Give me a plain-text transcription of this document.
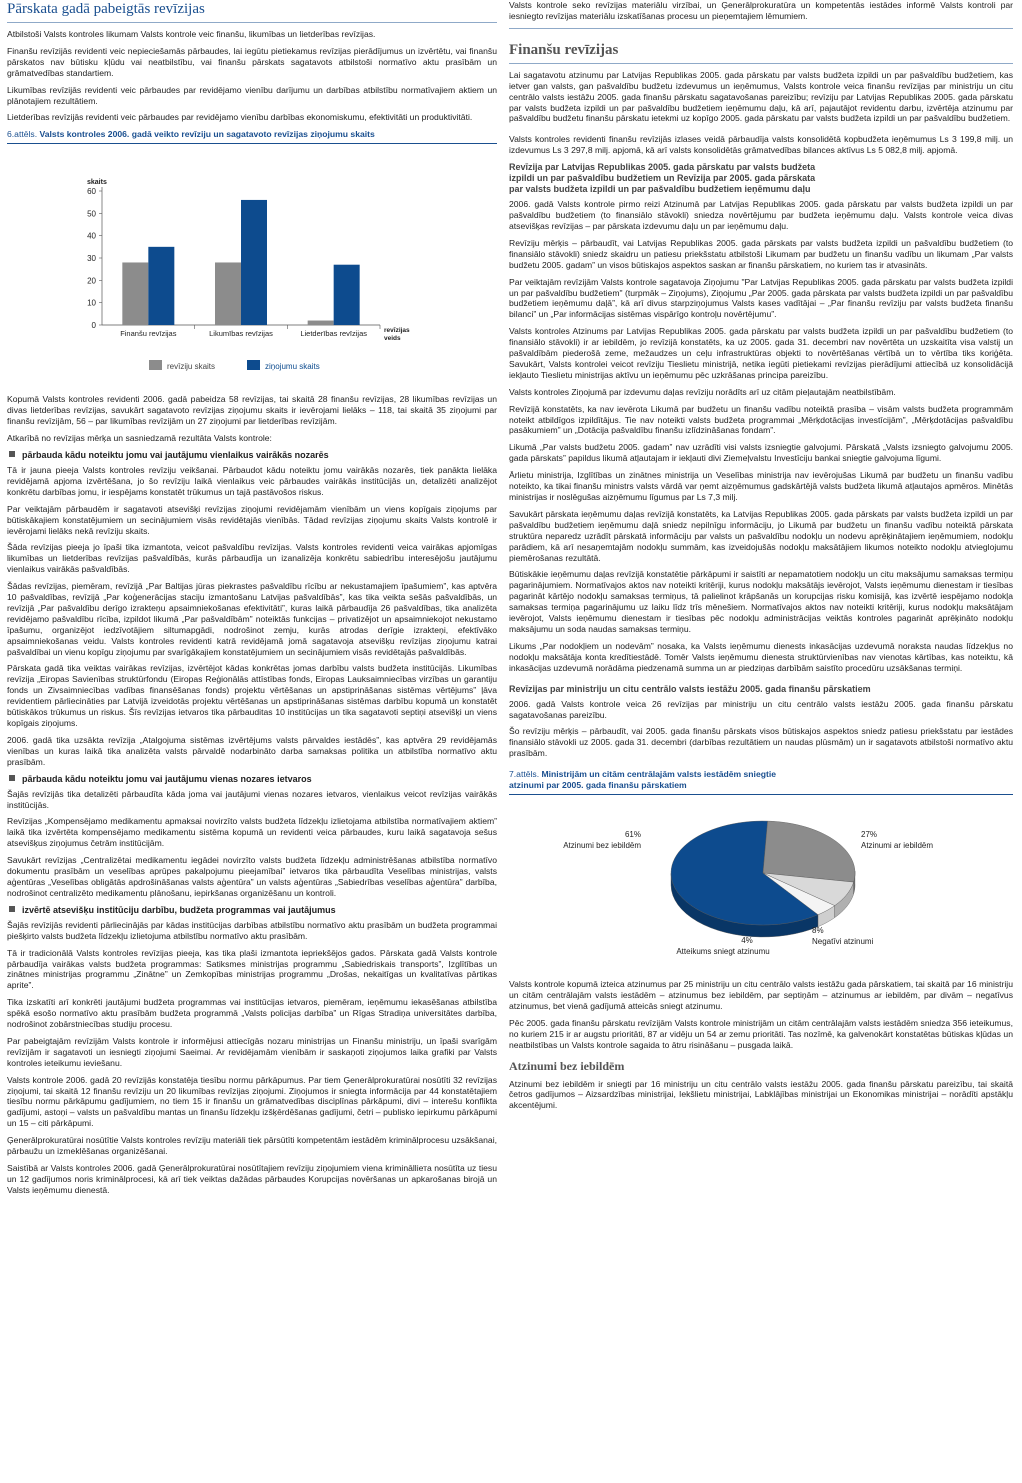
Pārskata gadā pabeigtās revīzijas

Atbilstoši Valsts kontroles likumam Valsts kontrole veic finanšu, likumības un lietderības revīzijas.

Finanšu revīzijās revidenti veic nepieciešamās pārbaudes, lai iegūtu pietiekamus revīzijas pierādījumus un izvērtētu, vai finanšu pārskatos nav būtisku kļūdu vai neatbilstību, vai finanšu pārskats sagatavots atbilstoši normatīvo aktu prasībām un grāmatvedības standartiem.

Likumības revīzijās revidenti veic pārbaudes par revidējamo vienību darījumu un darbības atbilstību normatīvajiem aktiem un plānotajiem rezultātiem.

Lietderības revīzijās revidenti veic pārbaudes par revidējamo vienību darbības ekonomiskumu, efektivitāti un produktivitāti.

6.attēls. Valsts kontroles 2006. gadā veikto revīziju un sagatavoto revīzijas ziņojumu skaits
skaits
0
10
20
30
40
50
60
Finanšu revīzijas	Likumības revīzijas	Lietderības revīzijas	revīzijas
veids
revīziju skaits	ziņojumu skaits

Kopumā Valsts kontroles revidenti 2006. gadā pabeidza 58 revīzijas, tai skaitā 28 finanšu revīzijas, 28 likumības revīzijas un divas lietderības revīzijas, savukārt sagatavoto revīzijas ziņojumu skaits ir ievērojami lielāks – 118, tai skaitā 35 ziņojumi par finanšu revīzijām, 56 – par likumības revīzijām un 27 ziņojumi par lietderības revīzijām.

Atkarībā no revīzijas mērķa un sasniedzamā rezultāta Valsts kontrole:

pārbauda kādu noteiktu jomu vai jautājumu vienlaikus vairākās nozarēs

Tā ir jauna pieeja Valsts kontroles revīziju veikšanai. Pārbaudot kādu noteiktu jomu vairākās nozarēs, tiek panākta lielāka revidējamā apjoma izvērtēšana, jo šo revīziju laikā vienlaikus veic pārbaudes vairākās institūcijās un, detalizēti analizējot konkrētu darbības jomu, ir iespējams konstatēt trūkumus un tajā pastāvošos riskus.

Par veiktajām pārbaudēm ir sagatavoti atsevišķi revīzijas ziņojumi revidējamām vienībām un viens kopīgais ziņojums par būtiskākajiem konstatējumiem un secinājumiem visās revidētajās vienībās. Tādad revīzijas ziņojumu skaits Valsts kontrolē ir ievērojami lielāks nekā revīziju skaits.

Šāda revīzijas pieeja jo īpaši tika izmantota, veicot pašvaldību revīzijas. Valsts kontroles revidenti veica vairākas apjomīgas likumības un lietderības revīzijas pašvaldībās, kurās pārbaudīja un izanalizēja konkrētu sabiedrību interesējošu jautājumu vienlaikus vairākās pašvaldībās.

Šādas revīzijas, piemēram, revīzijā „Par Baltijas jūras piekrastes pašvaldību rīcību ar nekustamajiem īpašumiem”, kas aptvēra 10 pašvaldības, revīzijā „Par koģenerācijas staciju izmantošanu Latvijas pašvaldībās”, kas tika veikta sešās pašvaldībās, un revīzijā „Par pašvaldību derīgo izrakteņu apsaimniekošanas efektivitāti”, kuras laikā pārbaudīja 26 pašvaldības, tika analizēta revidējamo pašvaldību rīcība, izpildot likumā „Par pašvaldībām” noteiktās funkcijas – privatizējot un apsaimniekojot nekustamo īpašumu, organizējot iedzīvotājiem siltumapgādi, nodrošinot zemju, kurās atrodas derīgie izrakteņi, efektīvāko apsaimniekošanas veidu. Valsts kontroles revidenti katrā revidējamā jomā sagatavoja atsevišķu revīzijas ziņojumu katrai pašvaldībai un vienu kopīgu ziņojumu par svarīgākajiem konstatējumiem un secinājumiem visās revidētajās pašvaldībās.

Pārskata gadā tika veiktas vairākas revīzijas, izvērtējot kādas konkrētas jomas darbību valsts budžeta institūcijās. Likumības revīzija „Eiropas Savienības struktūrfondu (Eiropas Reģionālās attīstības fonds, Eiropas Lauksaimniecības virzības un garantiju fonds un Zivsaimniecības vadības finansēšanas fonds) projektu vērtēšanas un apstiprināšanas sistēmas vērtējums” ļāva revidentiem pārliecināties par Latvijā izveidotās projektu vērtēšanas un apstiprināšanas sistēmas darbību kopumā un konstatēt būtiskākos trūkumus un riskus. Šīs revīzijas ietvaros tika pārbauditas 10 institūcijas un tika sagatavoti septiņi atsevišķi un viens kopīgais ziņojums.

2006. gadā tika uzsākta revīzija „Atalgojuma sistēmas izvērtējums valsts pārvaldes iestādēs”, kas aptvēra 29 revidējamās vienības un kuras laikā tika analizēta valsts pārvaldē nodarbināto darba samaksas politika un atbilstība normatīvo aktu prasībām.

pārbauda kādu noteiktu jomu vai jautājumu vienas nozares ietvaros

Šajās revīzijās tika detalizēti pārbaudīta kāda joma vai jautājumi vienas nozares ietvaros, vienlaikus veicot revīzijas vairākās institūcijās.

Revīzijas „Kompensējamo medikamentu apmaksai novirzīto valsts budžeta līdzekļu izlietojama atbilstība normatīvajiem aktiem” laikā tika izvērtēta kompensējamo medikamentu sistēma kopumā un revidenti veica pārbaudes, kuru laikā sagatavoja sešus atsevišķus ziņojumus četrām institūcijām.

Savukārt revīzijas „Centralizētai medikamentu iegādei novirzīto valsts budžeta līdzekļu administrēšanas atbilstība normatīvo dokumentu prasībām un veselības aprūpes pakalpojumu pieejamībai” ietvaros tika pārbaudīta Veselības ministrijas, valsts aģentūras „Veselības obligātās apdrošināšanas valsts aģentūra” un valsts aģentūras „Sabiedrības veselības aģentūra” darbība, nodrošinot centralizēto medikamentu plānošanu, iepirkšanas organizēšanu un kontroli.

izvērtē atsevišķu institūciju darbību, budžeta programmas vai jautājumus

Šajās revīzijās revidenti pārliecinājās par kādas institūcijas darbības atbilstību normatīvo aktu prasībām un budžeta programmai piešķirto valsts budžeta līdzekļu izlietojuma atbilstību normatīvo aktu prasībām.

Tā ir tradicionālā Valsts kontroles revīzijas pieeja, kas tika plaši izmantota iepriekšējos gados. Pārskata gadā Valsts kontrole pārbaudīja vairākas valsts budžeta programmas: Satiksmes ministrijas programmu „Sabiedriskais transports”, Izglītības un zinātnes ministrijas programmu „Zinātne” un Zemkopības ministrijas programmu „Drošas, nekaitīgas un kvalitatīvas pārtikas aprite”.

Tika izskatīti arī konkrēti jautājumi budžeta programmas vai institūcijas ietvaros, piemēram, ieņēmumu iekasēšanas atbilstība spēkā esošo normatīvo aktu prasībām budžeta programmā „Valsts policijas darbība” un Rīgas Stradiņa universitātes darbība, nodrošinot zobārstniecības studiju procesu.

Par pabeigtajām revīzijām Valsts kontrole ir informējusi attiecīgās nozaru ministrijas un Finanšu ministriju, un īpaši svarīgām revīzijām ir sagatavoti un iesniegti ziņojumi Saeimai. Ar revidējamām vienībām ir saskaņoti ziņojumos laika grafiki par Valsts kontroles ieteikumu ieviešanu.

Valsts kontrole 2006. gadā 20 revīzijās konstatēja tiesību normu pārkāpumus. Par tiem Ģenerālprokuratūrai nosūtīti 32 revīzijas ziņojumi, tai skaitā 12 finanšu revīziju un 20 likumības revīzijas ziņojumi. Ziņojumos ir sniegta informācija par 44 konstatētajiem tiesību normu pārkāpumu gadījumiem, no tiem 15 ir finanšu un grāmatvedības disciplīnas pārkāpumi, divi – interešu konflikta gadījumi, astoņi – valsts un pašvaldību mantas un finanšu līdzekļu izšķērdēšanas gadījumi, četri – publisko iepirkumu pārkāpumi un 15 – citi pārkāpumi.

Ģenerālprokuratūrai nosūtītie Valsts kontroles revīziju materiāli tiek pārsūtīti kompetentām iestādēm kriminālprocesu uzsākšanai, pārbaužu un izmeklēšanas organizēšanai.

Saistībā ar Valsts kontroles 2006. gadā Ģenerālprokuratūrai nosūtītajiem revīziju ziņojumiem viena kriminālliета nosūtīta uz tiesu un 12 gadījumos noris kriminālprocesi, kā arī tiek veiktas dažādas pārbaudes Korupcijas novēršanas un apkarošanas birojā un Valsts ieņēmumu dienestā.

Valsts kontrole seko revīzijas materiālu virzībai, un Ģenerālprokuratūra un kompetentās iestādes informē Valsts kontroli par iesniegto revīzijas materiālu izskatīšanas procesu un pieņemtajiem lēmumiem.

Finanšu revīzijas

Lai sagatavotu atzinumu par Latvijas Republikas 2005. gada pārskatu par valsts budžeta izpildi un par pašvaldību budžetiem, kas ietver gan valsts, gan pašvaldību budžetu izdevumus un ieņēmumus, Valsts kontrole veica finanšu revīzijas par ministriju un citu centrālo valsts iestāžu 2005. gada finanšu pārskatu sagatavošanas pareizību; revīziju par Latvijas Republikas 2005. gada pārskatu par valsts budžeta izpildi un par pašvaldību budžetiem ieņēmumu daļu, kā arī, pajautājot revidentu darbu, izvērtēja atzinumu par pašvaldību budžetu finanšu pārskatu ietekmi uz kopīgo 2005. gada pārskatu par valsts budžeta izpildi un par pašvaldību budžetiem.

Valsts kontroles revidenti finanšu revīzijās izlases veidā pārbaudīja valsts konsolidētā kopbudžeta ieņēmumus Ls 3 199,8 milj. un izdevumus Ls 3 297,8 milj. apjomā, kā arī valsts konsolidētās grāmatvedības bilances aktīvus Ls 5 082,8 milj. apjomā.

Revīzija par Latvijas Republikas 2005. gada pārskatu par valsts budžeta
izpildi un par pašvaldību budžetiem un Revīzija par 2005. gada pārskata
par valsts budžeta izpildi un par pašvaldību budžetiem ieņēmumu daļu

2006. gadā Valsts kontrole pirmo reizi Atzinumā par Latvijas Republikas 2005. gada pārskatu par valsts budžeta izpildi un par pašvaldību budžetiem (to finansiālo stāvokli) sniedza novērtējumu par budžeta ieņēmumu daļu. Valsts kontrole veica divas atsevišķas revīzijas – par pārskata izdevumu daļu un par ieņēmumu daļu.

Revīziju mērķis – pārbaudīt, vai Latvijas Republikas 2005. gada pārskats par valsts budžeta izpildi un pašvaldību budžetiem (to finansiālo stāvokli) sniedz skaidru un patiesu priekšstatu atbilstoši Likumam par budžetu un finanšu vadību un likumam „Par valsts budžetu 2005. gadam” un visos būtiskajos aspektos saskan ar finanšu pārskatiem, no kuriem tas ir atvasināts.

Par veiktajām revīzijām Valsts kontrole sagatavoja Ziņojumu "Par Latvijas Republikas 2005. gada pārskatu par valsts budžeta izpildi un par pašvaldību budžetiem" (turpmāk – Ziņojums), Ziņojumu „Par 2005. gada pārskata par valsts budžeta izpildi un par pašvaldību budžetiem ieņēmumu daļā”, kā arī divus starpziņojumus Valsts kases vadītājai – „Par finanšu revīziju par valsts budžeta finanšu bilanci” un „Par informācijas sistēmas vispārīgo kontroļu novērtējumu”.

Valsts kontroles Atzinums par Latvijas Republikas 2005. gada pārskatu par valsts budžeta izpildi un par pašvaldību budžetiem (to finansiālo stāvokli) ir ar iebildēm, jo revīzijā konstatēts, ka uz 2005. gada 31. decembri nav novērtēta un uzskaitīta visa valstij un pašvaldībām piederošā zeme, mežaudzes un ceļu infrastruktūras objekti to novērtēšanas vērtībā un to vērtība tiks koriģēta. Savukārt, Valsts kontrolei veicot revīziju Tieslietu ministrijā, netika iegūti pietiekami revīzijas pierādījumi attiecībā uz konsolidācijā iekļauto Tieslietu ministrijas aktīvu un ieņēmumu pēc uzkrāšanas principa pareizību.

Valsts kontroles Ziņojumā par izdevumu daļas revīziju norādīts arī uz citām pieļautajām neatbilstībām.

Revīzijā konstatēts, ka nav ievērota Likumā par budžetu un finanšu vadību noteiktā prasība – visām valsts budžeta programmām noteikt atbildīgos izpildītājus. Tie nav noteikti valsts budžeta programmai „Mērķdotācijas investīcijām”, „Mērķdotācijas pašvaldību pasākumiem” un „Dotācija pašvaldību finanšu izlīdzināšanas fondam”.

Likumā „Par valsts budžetu 2005. gadam” nav uzrādīti visi valsts izsniegtie galvojumi. Pārskatā „Valsts izsniegto galvojumu 2005. gada pārskats” papildus likumā atļautajam ir iekļauti divi Ziemeļvalstu Investīciju bankai sniegtie galvojuma līgumi.

Ārlietu ministrija, Izglītības un zinātnes ministrija un Veselības ministrija nav ievērojušas Likumā par budžetu un finanšu vadību noteikto, ka tikai finanšu ministrs valsts vārdā var ņemt aizņēmumus gadskārtējā valsts budžeta likumā atļautajos apmēros. Minētās ministrijas ir noslēgušas aizņēmumu līgumus par Ls 7,3 milj.

Savukārt pārskata ieņēmumu daļas revīzijā konstatēts, ka Latvijas Republikas 2005. gada pārskats par valsts budžeta izpildi un par pašvaldību budžetiem ieņēmumu daļā sniedz nepilnīgu informāciju, jo Likumā par budžetu un finanšu vadību noteiktā pārskata struktūra neparedz uzrādīt pārskatā informāciju par valsts un pašvaldību nodokļu un nodevu aprēķinātajiem ieņēmumiem, nodokļu parādiem, kā arī nesaņemtajām nodokļu summām, kas izveidojušās nodokļu maksātājiem likumos noteikto nodokļu atvieglojumu piemērošanas rezultātā.

Būtiskākie ieņēmumu daļas revīzijā konstatētie pārkāpumi ir saistīti ar nepamatotiem nodokļu un citu maksājumu samaksas termiņu pagarinājumiem. Normatīvajos aktos nav noteikti kritēriji, kurus nodokļu maksātājs ievērojot, Valsts ieņēmumu dienestam ir tiesības pagarināt kārtējo nodokļu samaksas termiņus, tā palielinot krāpšanās un korupcijas risku komisijā, kas izvērtē iespējamo nodokļa samaksas termiņa pagarinājumu uz laiku līdz trīs mēnešiem. Normatīvajos aktos nav noteikti kritēriji, kurus nodokļu maksātājam ievērojot, Valsts ieņēmumu dienestam ir tiesības pēc nodokļu administrācijas veiktās kontroles pagarināt aprēķināto nodokļu maksājumu un soda naudas samaksas termiņu.

Likums „Par nodokļiem un nodevām” nosaka, ka Valsts ieņēmumu dienests inkasācijas uzdevumā noraksta naudas līdzekļus no nodokļu maksātāja konta kredītiestādē. Tomēr Valsts ieņēmumu dienesta struktūrvienības nav vienotas kārtības, kas noteiktu, kā inkasācijas uzdevumā norādāma piedzenamā summa un ar piedziņas darbībām saistīto procedūru uzsākšanas termiņi.

Revīzijas par ministriju un citu centrālo valsts iestāžu 2005. gada finanšu pārskatiem

2006. gadā Valsts kontrole veica 26 revīzijas par ministriju un citu centrālo valsts iestāžu 2005. gada finanšu pārskatu sagatavošanas pareizību.

Šo revīziju mērķis – pārbaudīt, vai 2005. gada finanšu pārskats visos būtiskajos aspektos sniedz patiesu priekšstatu par iestādes finansiālo stāvokli uz 2005. gada 31. decembri (darbības rezultātiem un naudas plūsmām) un ir sagatavots atbilstoši normatīvo aktu prasībām.

7.attēls. Ministrijām un citām centrālajām valsts iestādēm sniegtie
atzinumi par 2005. gada finanšu pārskatiem
61%
Atzinumi bez iebildēm
27%
Atzinumi ar iebildēm
8%
Negatīvi atzinumi
4%
Atteikums sniegt atzinumu

Valsts kontrole kopumā izteica atzinumus par 25 ministriju un citu centrālo valsts iestāžu gada pārskatiem, tai skaitā par 16 ministriju un citām centrālajām valsts iestādēm – atzinumus bez iebildēm, par septiņām – atzinumus ar iebildēm, par divām – negatīvus atzinumus, bet vienā gadījumā atteicās sniegt atzinumu.

Pēc 2005. gada finanšu pārskatu revīzijām Valsts kontrole ministrijām un citām centrālajām valsts iestādēm sniedza 356 ieteikumus, no kuriem 215 ir ar augstu prioritāti, 87 ar vidēju un 54 ar zemu prioritāti. Tas nozīmē, ka galvenokārt konstatētas būtiskas kļūdas un neatbilstības un Valsts kontrole sagaida to ātru risināšanu – pusgada laikā.

Atzinumi bez iebildēm

Atzinumi bez iebildēm ir sniegti par 16 ministriju un citu centrālo valsts iestāžu 2005. gada finanšu pārskatu pareizību, tai skaitā četros gadījumos – Aizsardzības ministrijai, Iekšlietu ministrijai, Labklājības ministrijai un Ekonomikas ministrijai – norādīti apstākļu akcentējumi.
